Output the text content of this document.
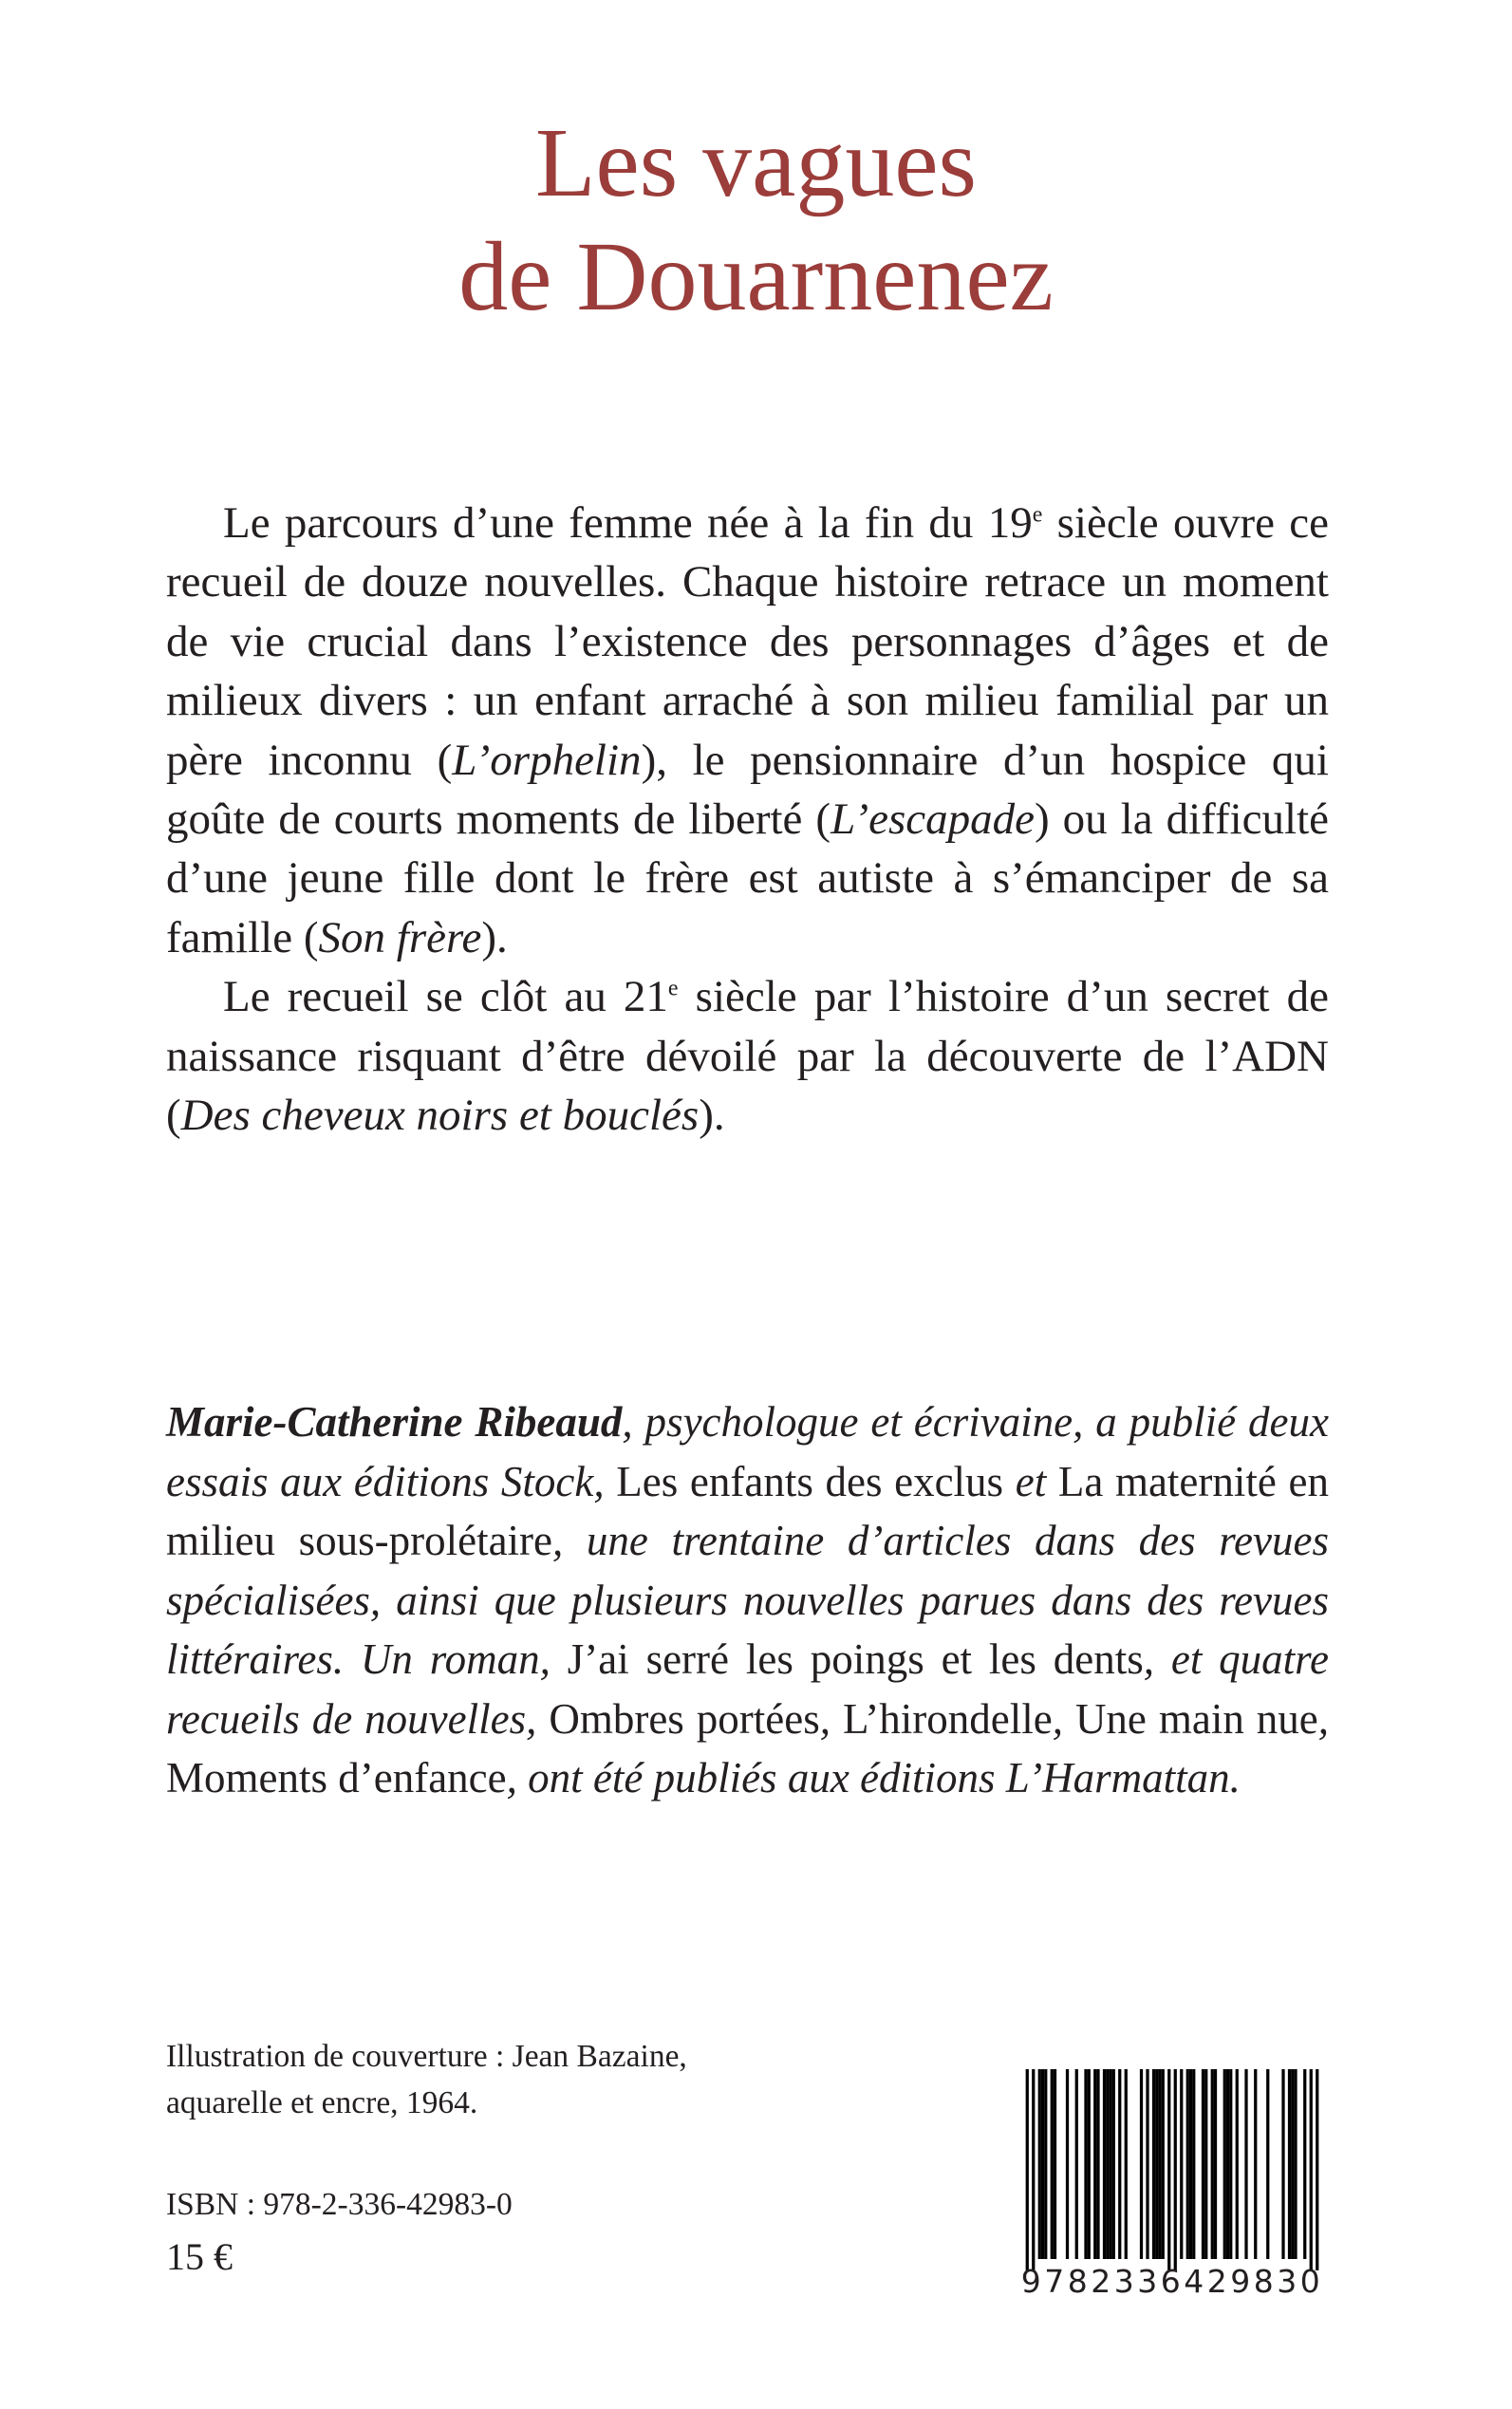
Les vagues
de Douarnenez

Le parcours d’une femme née à la fin du 19e siècle ouvre ce recueil de douze nouvelles. Chaque histoire retrace un moment de vie crucial dans l’existence des personnages d’âges et de milieux divers : un enfant arraché à son milieu familial par un père inconnu (L’orphelin), le pensionnaire d’un hospice qui goûte de courts moments de liberté (L’escapade) ou la difficulté d’une jeune fille dont le frère est autiste à s’émanciper de sa famille (Son frère).

Le recueil se clôt au 21e siècle par l’histoire d’un secret de naissance risquant d’être dévoilé par la découverte de l’ADN (Des cheveux noirs et bouclés).

Marie-Catherine Ribeaud, psychologue et écrivaine, a publié deux essais aux éditions Stock, Les enfants des exclus et La maternité en milieu sous-prolétaire, une trentaine d’articles dans des revues spécialisées, ainsi que plusieurs nouvelles parues dans des revues littéraires. Un roman, J’ai serré les poings et les dents, et quatre recueils de nouvelles, Ombres portées, L’hirondelle, Une main nue, Moments d’enfance, ont été publiés aux éditions L’Harmattan.
Illustration de couverture : Jean Bazaine,
aquarelle et encre, 1964.
ISBN : 978-2-336-42983-0
15 €
9782336429830
